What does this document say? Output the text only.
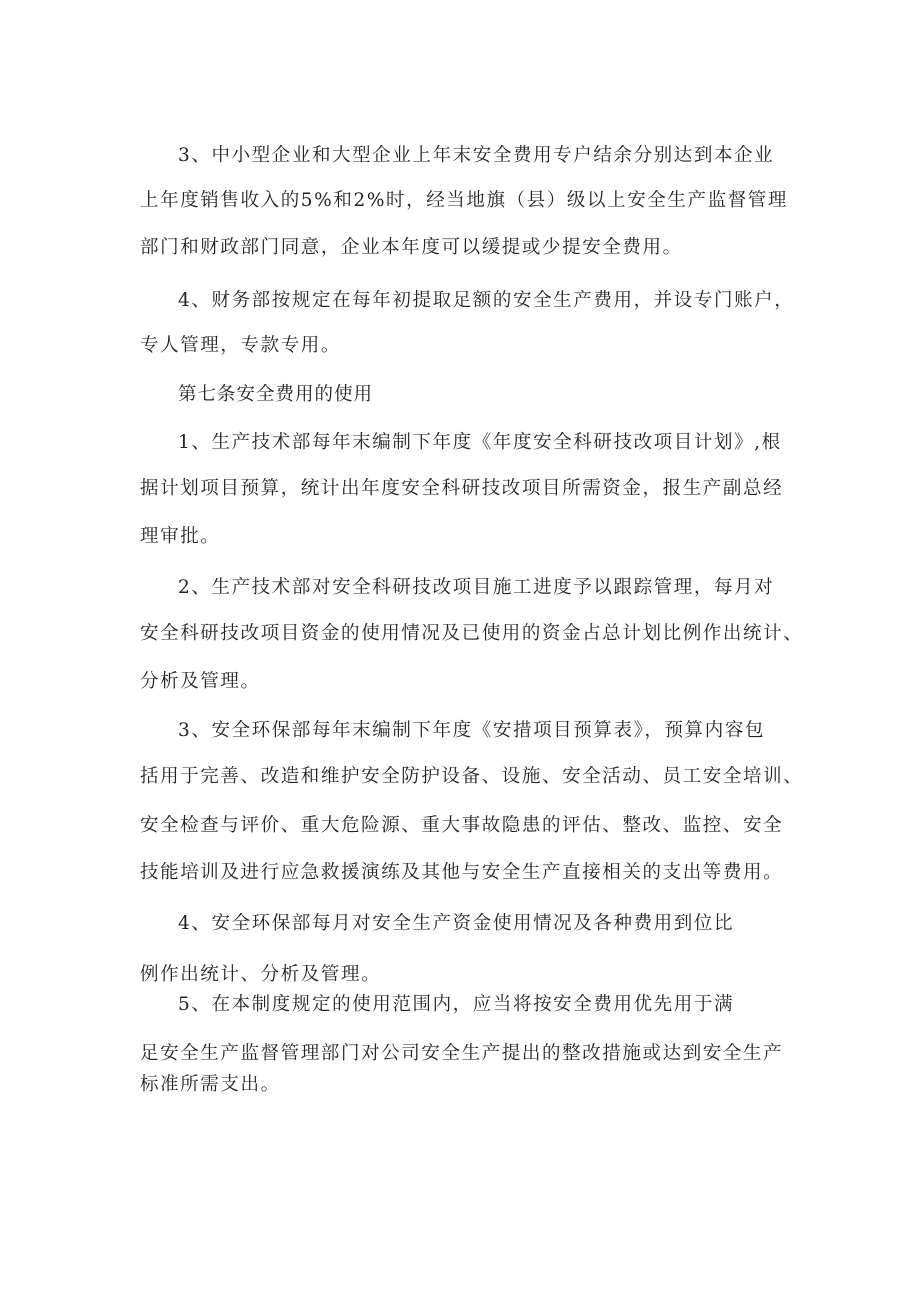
3、中小型企业和大型企业上年末安全费用专户结余分别达到本企业
上年度销售收入的5%和2%时，经当地旗（县）级以上安全生产监督管理
部门和财政部门同意，企业本年度可以缓提或少提安全费用。
4、财务部按规定在每年初提取足额的安全生产费用，并设专门账户，
专人管理，专款专用。
第七条安全费用的使用
1、生产技术部每年末编制下年度《年度安全科研技改项目计划》,根
据计划项目预算，统计出年度安全科研技改项目所需资金，报生产副总经
理审批。
2、生产技术部对安全科研技改项目施工进度予以跟踪管理，每月对
安全科研技改项目资金的使用情况及已使用的资金占总计划比例作出统计、
分析及管理。
3、安全环保部每年末编制下年度《安措项目预算表》，预算内容包
括用于完善、改造和维护安全防护设备、设施、安全活动、员工安全培训、
安全检查与评价、重大危险源、重大事故隐患的评估、整改、监控、安全
技能培训及进行应急救援演练及其他与安全生产直接相关的支出等费用。
4、安全环保部每月对安全生产资金使用情况及各种费用到位比
例作出统计、分析及管理。
5、在本制度规定的使用范围内，应当将按安全费用优先用于满
足安全生产监督管理部门对公司安全生产提出的整改措施或达到安全生产
标准所需支出。
